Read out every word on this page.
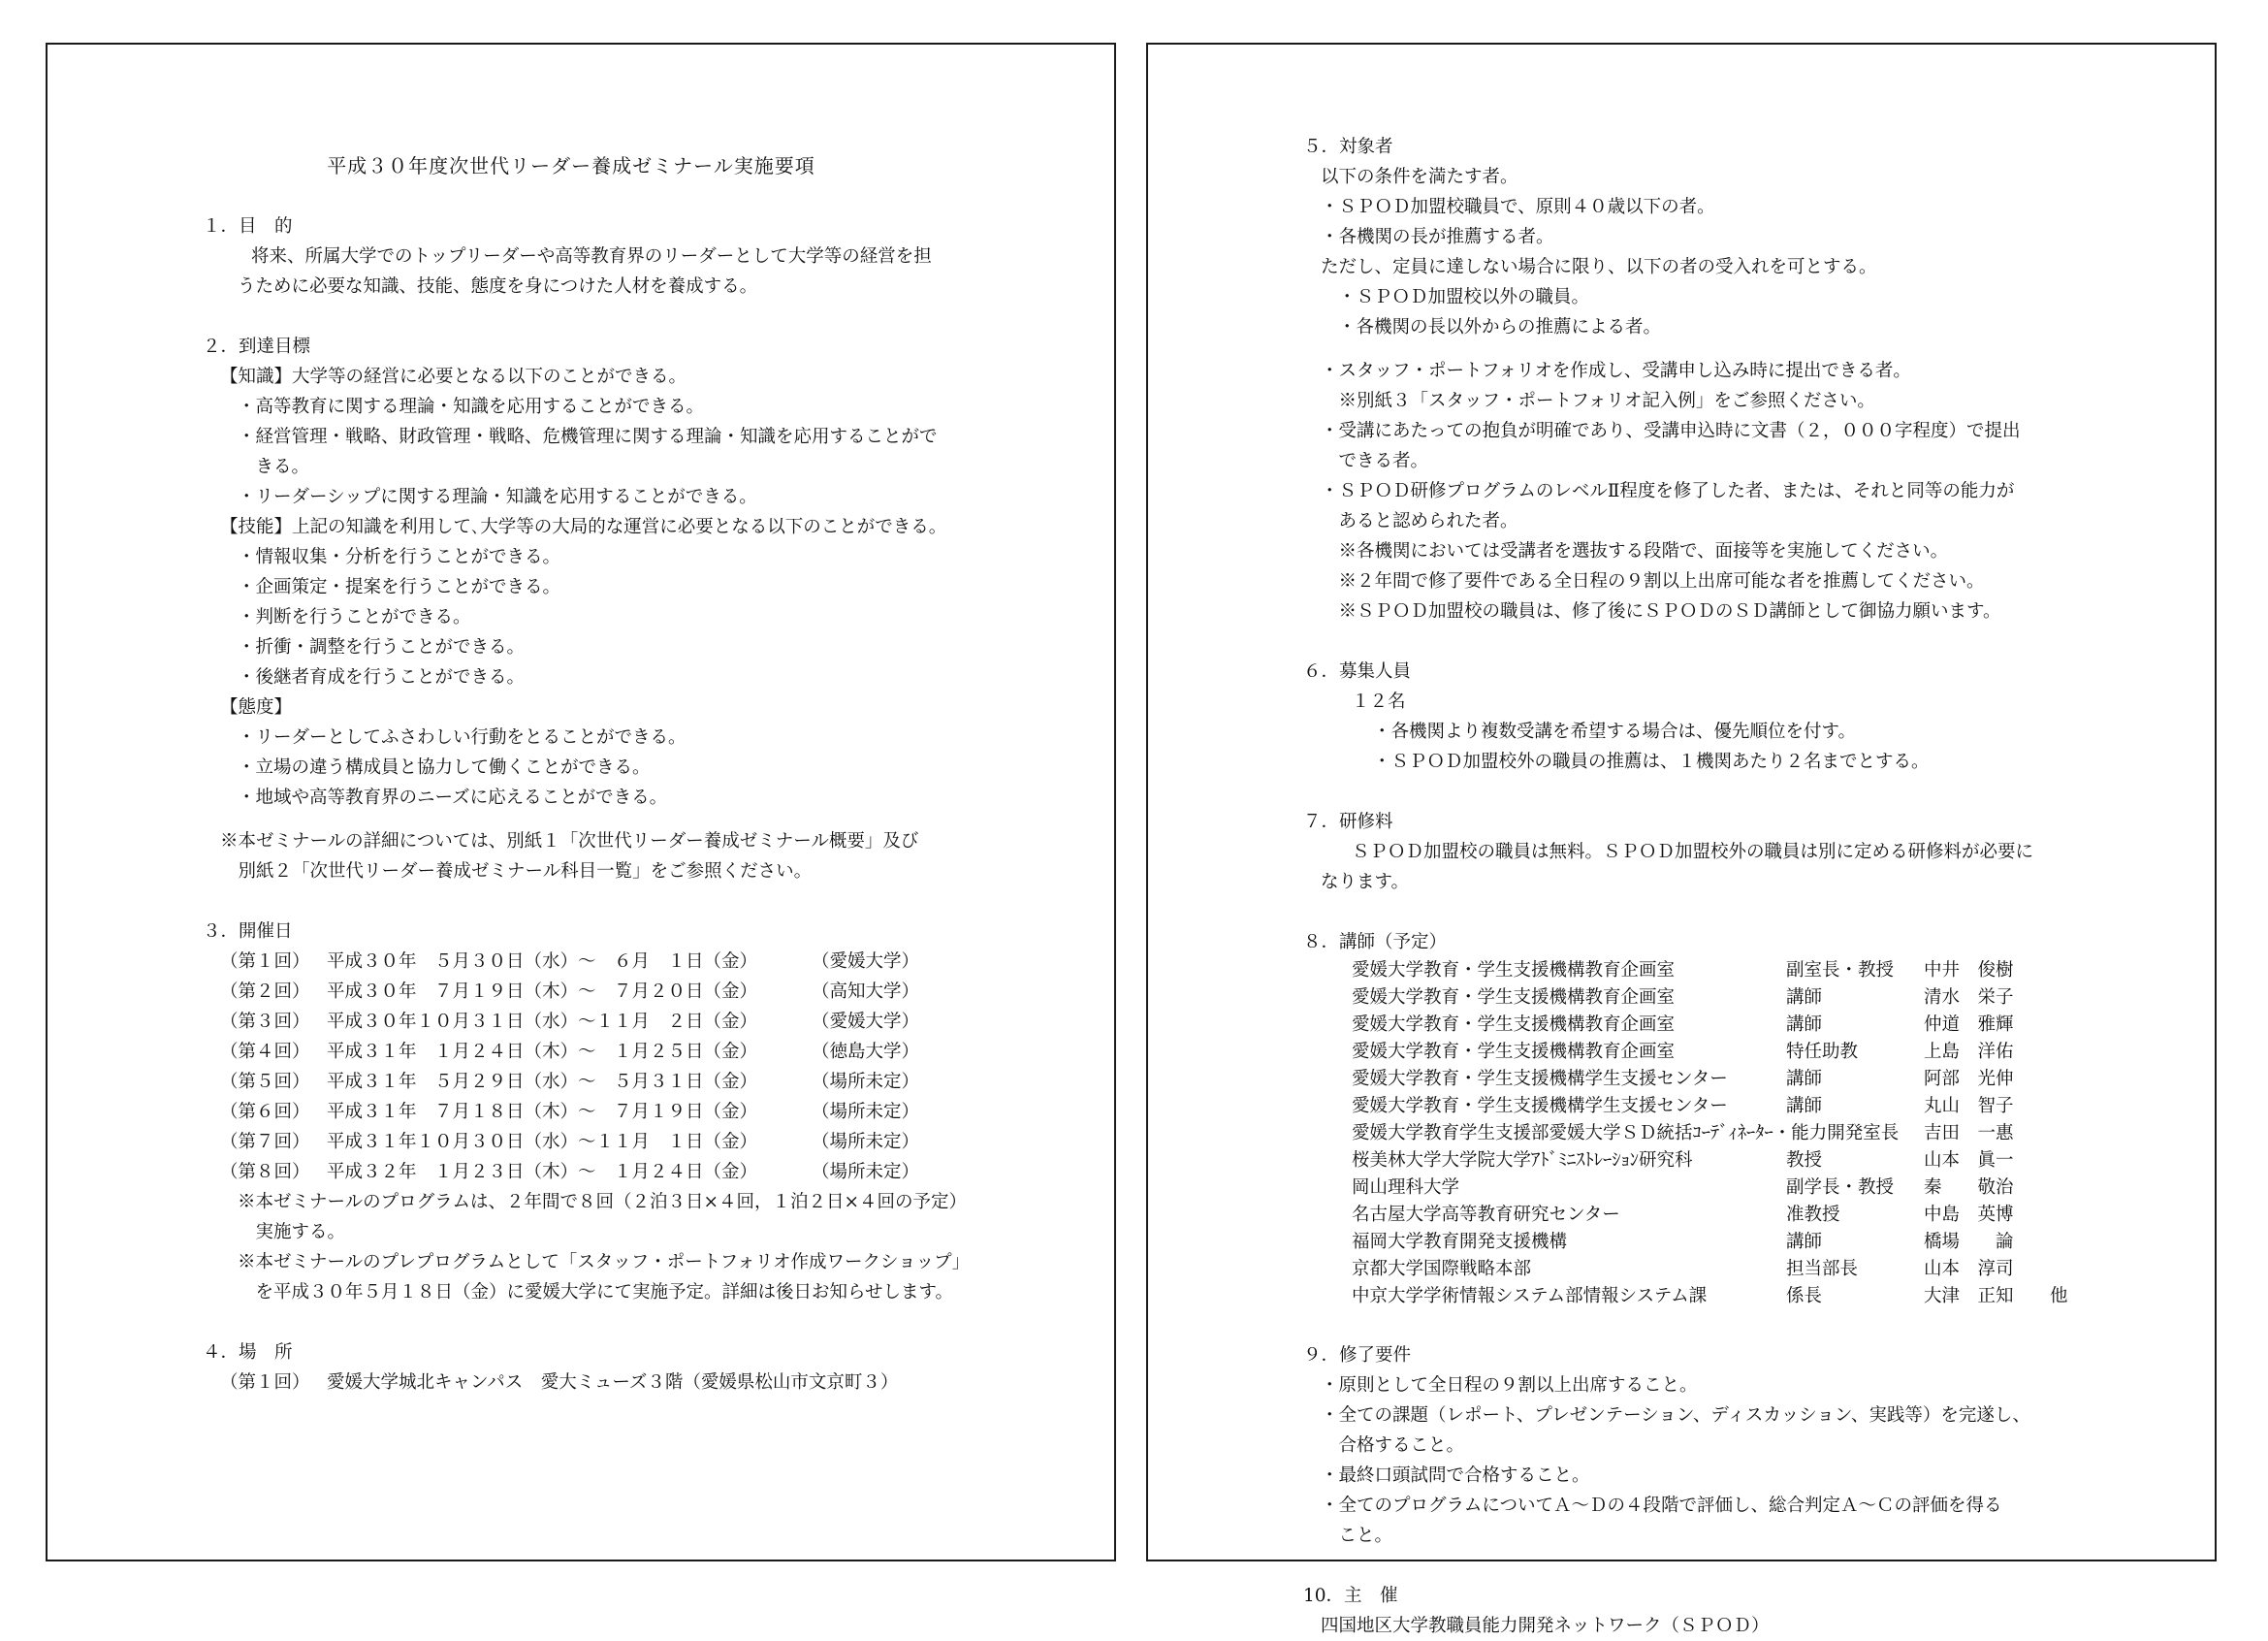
平成３０年度次世代リーダー養成ゼミナール実施要項
１．目　的
将来、所属大学でのトップリーダーや高等教育界のリーダーとして大学等の経営を担
うために必要な知識、技能、態度を身につけた人材を養成する。
２．到達目標
【知識】大学等の経営に必要となる以下のことができる。
・高等教育に関する理論・知識を応用することができる。
・経営管理・戦略、財政管理・戦略、危機管理に関する理論・知識を応用することがで
　きる。
・リーダーシップに関する理論・知識を応用することができる。
【技能】上記の知識を利用して､大学等の大局的な運営に必要となる以下のことができる。
・情報収集・分析を行うことができる。
・企画策定・提案を行うことができる。
・判断を行うことができる。
・折衝・調整を行うことができる。
・後継者育成を行うことができる。
【態度】
・リーダーとしてふさわしい行動をとることができる。
・立場の違う構成員と協力して働くことができる。
・地域や高等教育界のニーズに応えることができる。
※本ゼミナールの詳細については、別紙１「次世代リーダー養成ゼミナール概要」及び
　別紙２「次世代リーダー養成ゼミナール科目一覧」をご参照ください。
３．開催日
（第１回） 平成３０年　５月３０日（水）～　６月　１日（金）	（愛媛大学）
（第２回） 平成３０年　７月１９日（木）～　７月２０日（金）	（高知大学）
（第３回） 平成３０年１０月３１日（水）～１１月　２日（金）	（愛媛大学）
（第４回） 平成３１年　１月２４日（木）～　１月２５日（金）	（徳島大学）
（第５回） 平成３１年　５月２９日（水）～　５月３１日（金）	（場所未定）
（第６回） 平成３１年　７月１８日（木）～　７月１９日（金）	（場所未定）
（第７回） 平成３１年１０月３０日（水）～１１月　１日（金）	（場所未定）
（第８回） 平成３２年　１月２３日（木）～　１月２４日（金）	（場所未定）
※本ゼミナールのプログラムは、２年間で８回（２泊３日×４回，１泊２日×４回の予定）
　実施する。
※本ゼミナールのプレプログラムとして「スタッフ・ポートフォリオ作成ワークショップ」
　を平成３０年５月１８日（金）に愛媛大学にて実施予定。詳細は後日お知らせします。
４．場　所
（第１回） 愛媛大学城北キャンパス　愛大ミューズ３階（愛媛県松山市文京町３）
５．対象者
以下の条件を満たす者。
・ＳＰＯＤ加盟校職員で、原則４０歳以下の者。
・各機関の長が推薦する者。
ただし、定員に達しない場合に限り、以下の者の受入れを可とする。
・ＳＰＯＤ加盟校以外の職員。
・各機関の長以外からの推薦による者。
・スタッフ・ポートフォリオを作成し、受講申し込み時に提出できる者。
　※別紙３「スタッフ・ポートフォリオ記入例」をご参照ください。
・受講にあたっての抱負が明確であり、受講申込時に文書（２，０００字程度）で提出
　できる者。
・ＳＰＯＤ研修プログラムのレベルⅡ程度を修了した者、または、それと同等の能力が
　あると認められた者。
　※各機関においては受講者を選抜する段階で、面接等を実施してください。
　※２年間で修了要件である全日程の９割以上出席可能な者を推薦してください。
　※ＳＰＯＤ加盟校の職員は、修了後にＳＰＯＤのＳＤ講師として御協力願います。
６．募集人員
１２名
・各機関より複数受講を希望する場合は、優先順位を付す。
・ＳＰＯＤ加盟校外の職員の推薦は、１機関あたり２名までとする。
７．研修料
ＳＰＯＤ加盟校の職員は無料。ＳＰＯＤ加盟校外の職員は別に定める研修料が必要に
なります。
８．講師（予定）
愛媛大学教育・学生支援機構教育企画室	副室長・教授	中井　俊樹
愛媛大学教育・学生支援機構教育企画室	講師	清水　栄子
愛媛大学教育・学生支援機構教育企画室	講師	仲道　雅輝
愛媛大学教育・学生支援機構教育企画室	特任助教	上島　洋佑
愛媛大学教育・学生支援機構学生支援センター	講師	阿部　光伸
愛媛大学教育・学生支援機構学生支援センター	講師	丸山　智子
愛媛大学教育学生支援部愛媛大学ＳＤ統括ｺｰﾃﾞｨﾈｰﾀｰ・能力開発室長	吉田　一惠
桜美林大学大学院大学ｱﾄﾞﾐﾆｽﾄﾚｰｼｮﾝ研究科	教授	山本　眞一
岡山理科大学	副学長・教授	秦　　敬治
名古屋大学高等教育研究センター	准教授	中島　英博
福岡大学教育開発支援機構	講師	橋場　　論
京都大学国際戦略本部	担当部長	山本　淳司
中京大学学術情報システム部情報システム課	係長	大津　正知	他
９．修了要件
・原則として全日程の９割以上出席すること。
・全ての課題（レポート、プレゼンテーション、ディスカッション、実践等）を完遂し、
　合格すること。
・最終口頭試問で合格すること。
・全てのプログラムについてＡ～Ｄの４段階で評価し、総合判定Ａ～Ｃの評価を得る
　こと。
10．主　催
四国地区大学教職員能力開発ネットワーク（ＳＰＯＤ）
